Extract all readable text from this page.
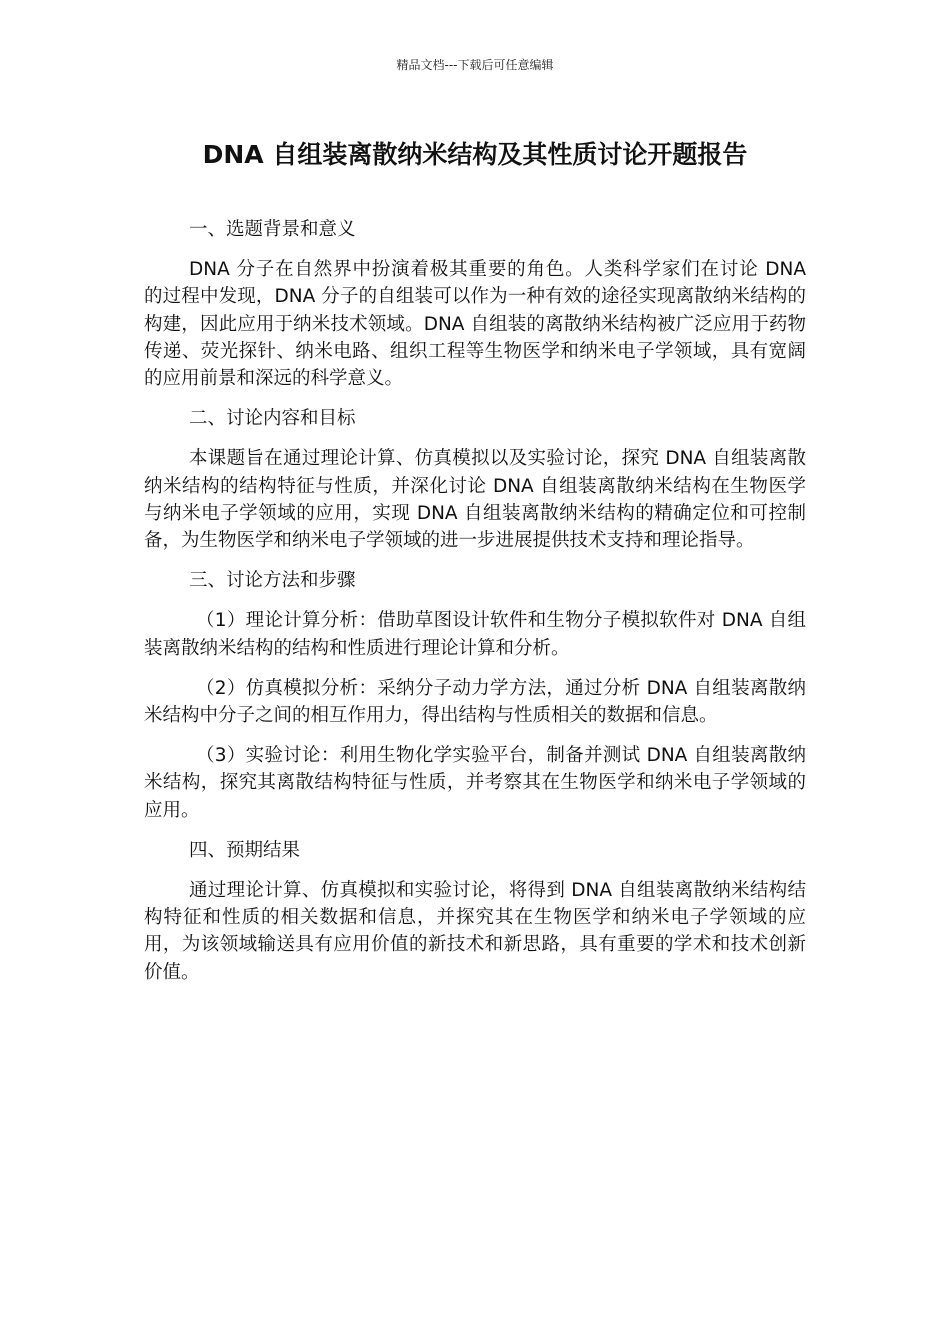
精品文档---下载后可任意编辑
DNA 自组装离散纳米结构及其性质讨论开题报告

一、选题背景和意义

DNA 分子在自然界中扮演着极其重要的角色。人类科学家们在讨论 DNA 的过程中发现，DNA 分子的自组装可以作为一种有效的途径实现离散纳米结构的构建，因此应用于纳米技术领域。DNA 自组装的离散纳米结构被广泛应用于药物传递、荧光探针、纳米电路、组织工程等生物医学和纳米电子学领域，具有宽阔的应用前景和深远的科学意义。

二、讨论内容和目标

本课题旨在通过理论计算、仿真模拟以及实验讨论，探究 DNA 自组装离散纳米结构的结构特征与性质，并深化讨论 DNA 自组装离散纳米结构在生物医学与纳米电子学领域的应用，实现 DNA 自组装离散纳米结构的精确定位和可控制备，为生物医学和纳米电子学领域的进一步进展提供技术支持和理论指导。

三、讨论方法和步骤

（1）理论计算分析：借助草图设计软件和生物分子模拟软件对 DNA 自组装离散纳米结构的结构和性质进行理论计算和分析。

（2）仿真模拟分析：采纳分子动力学方法，通过分析 DNA 自组装离散纳米结构中分子之间的相互作用力，得出结构与性质相关的数据和信息。

（3）实验讨论：利用生物化学实验平台，制备并测试 DNA 自组装离散纳米结构，探究其离散结构特征与性质，并考察其在生物医学和纳米电子学领域的应用。

四、预期结果

通过理论计算、仿真模拟和实验讨论，将得到 DNA 自组装离散纳米结构结构特征和性质的相关数据和信息，并探究其在生物医学和纳米电子学领域的应用，为该领域输送具有应用价值的新技术和新思路，具有重要的学术和技术创新价值。
